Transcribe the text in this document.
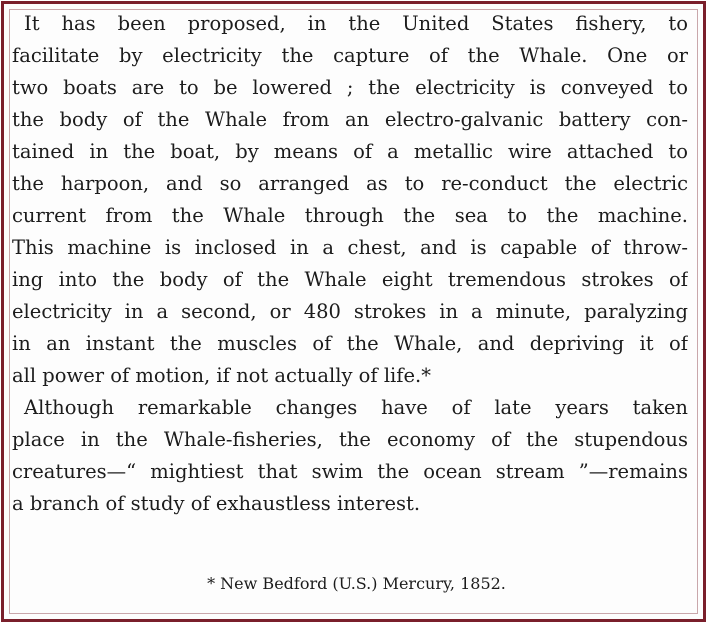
It has been proposed, in the United States fishery, to
facilitate by electricity the capture of the Whale. One or
two boats are to be lowered ; the electricity is conveyed to
the body of the Whale from an electro-galvanic battery con-
tained in the boat, by means of a metallic wire attached to
the harpoon, and so arranged as to re-conduct the electric
current from the Whale through the sea to the machine.
This machine is inclosed in a chest, and is capable of throw-
ing into the body of the Whale eight tremendous strokes of
electricity in a second, or 480 strokes in a minute, paralyzing
in an instant the muscles of the Whale, and depriving it of
all power of motion, if not actually of life.*
Although remarkable changes have of late years taken
place in the Whale-fisheries, the economy of the stupendous
creatures—“ mightiest that swim the ocean stream ”—remains
a branch of study of exhaustless interest.
* New Bedford (U.S.) Mercury, 1852.
